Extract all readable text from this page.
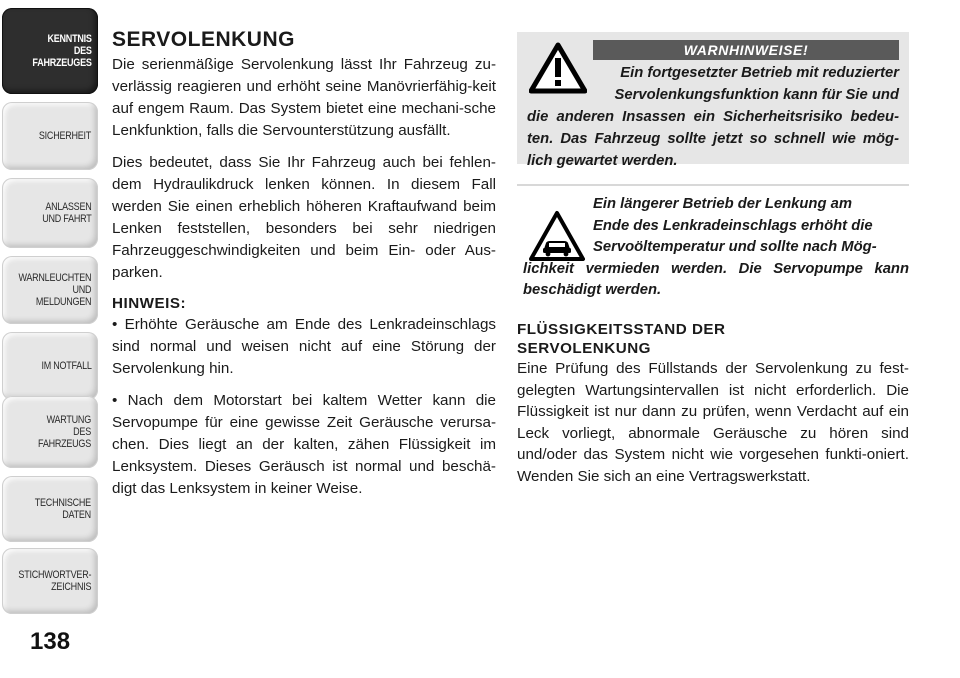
KENNTNIS
DES
FAHRZEUGES
SICHERHEIT
ANLASSEN
UND FAHRT
WARNLEUCHTEN
UND
MELDUNGEN
IM NOTFALL
WARTUNG
DES
FAHRZEUGS
TECHNISCHE
DATEN
STICHWORTVER-
ZEICHNIS
138
SERVOLENKUNG

Die serienmäßige Servolenkung lässt Ihr Fahrzeug zu-verlässig reagieren und erhöht seine Manövrierfähig-keit auf engem Raum. Das System bietet eine mechani-sche Lenkfunktion, falls die Servounterstützung ausfällt.

Dies bedeutet, dass Sie Ihr Fahrzeug auch bei fehlen-dem Hydraulikdruck lenken können. In diesem Fall werden Sie einen erheblich höheren Kraftaufwand beim Lenken feststellen, besonders bei sehr niedrigen Fahrzeuggeschwindigkeiten und beim Ein- oder Aus-parken.

HINWEIS:

• Erhöhte Geräusche am Ende des Lenkradeinschlags sind normal und weisen nicht auf eine Störung der Servolenkung hin.

• Nach dem Motorstart bei kaltem Wetter kann die Servopumpe für eine gewisse Zeit Geräusche verursa-chen. Dies liegt an der kalten, zähen Flüssigkeit im Lenksystem. Dieses Geräusch ist normal und beschä-digt das Lenksystem in keiner Weise.

WARNHINWEISE!
Ein fortgesetzter Betrieb mit reduzierter
Servolenkungsfunktion kann für Sie und
die anderen Insassen ein Sicherheitsrisiko bedeu-ten. Das Fahrzeug sollte jetzt so schnell wie mög-lich gewartet werden.
Ein längerer Betrieb der Lenkung am
Ende des Lenkradeinschlags erhöht die
Servoöltemperatur und sollte nach Mög-
lichkeit vermieden werden. Die Servopumpe kann beschädigt werden.

FLÜSSIGKEITSSTAND DER SERVOLENKUNG

Eine Prüfung des Füllstands der Servolenkung zu fest-gelegten Wartungsintervallen ist nicht erforderlich. Die Flüssigkeit ist nur dann zu prüfen, wenn Verdacht auf ein Leck vorliegt, abnormale Geräusche zu hören sind und/oder das System nicht wie vorgesehen funkti-oniert. Wenden Sie sich an eine Vertragswerkstatt.
